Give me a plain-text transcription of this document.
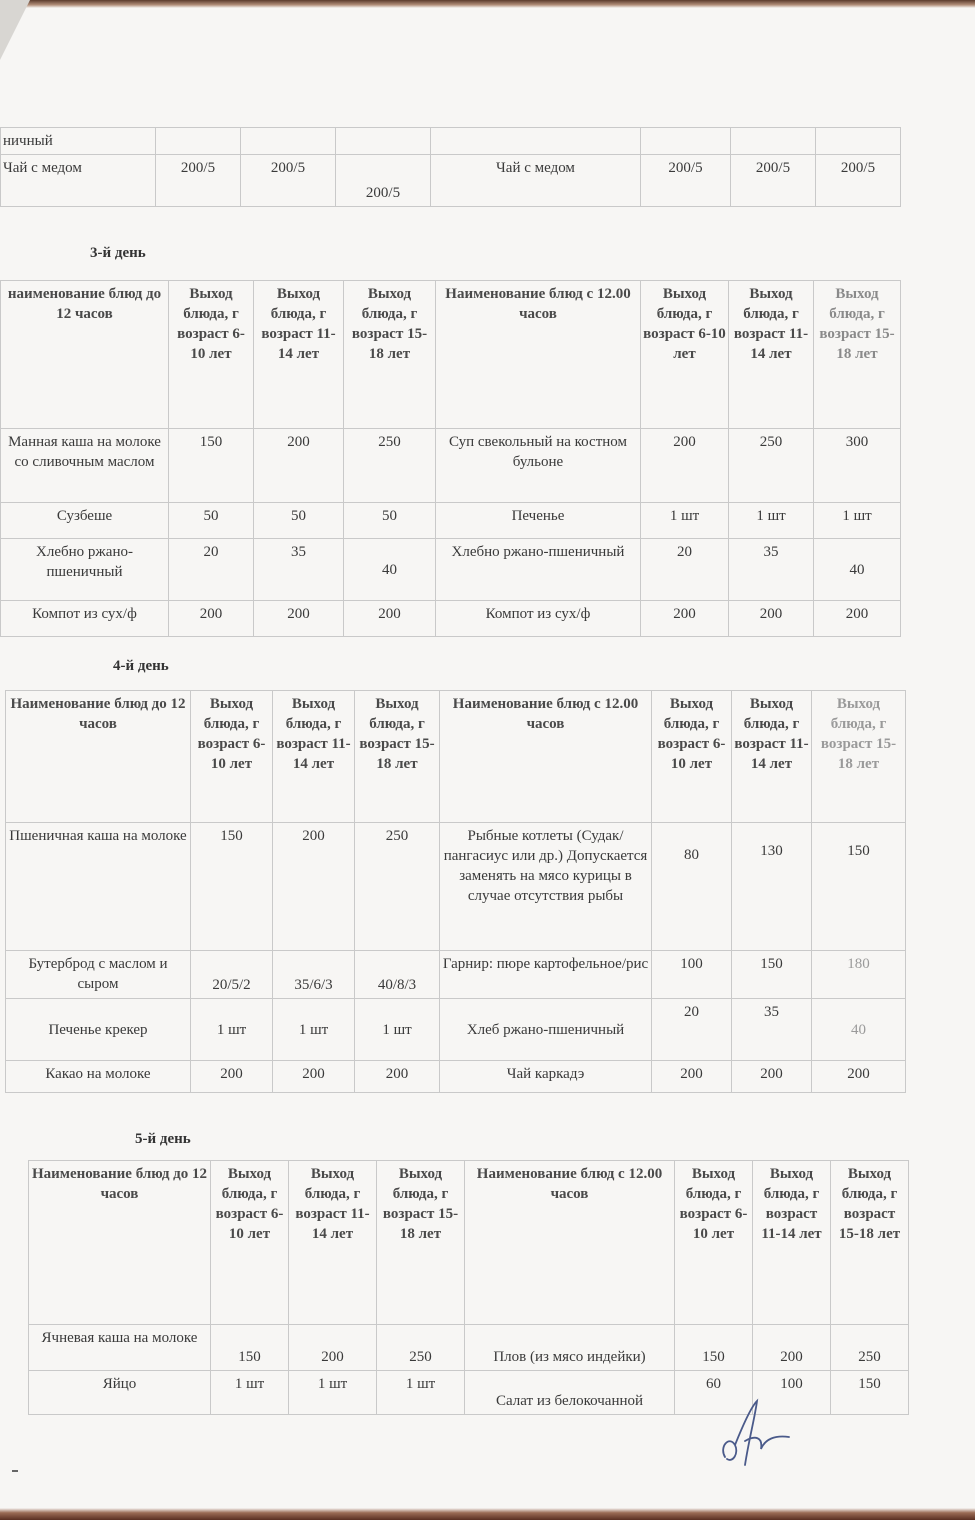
ничный							
Чай с медом	200/5	200/5	200/5	Чай с медом	200/5	200/5	200/5
3-й день
наименование блюд до 12 часов	Выход блюда, г возраст 6-10 лет	Выход блюда, г возраст 11-14 лет	Выход блюда, г возраст 15-18 лет	Наименование блюд с 12.00 часов	Выход блюда, г возраст 6-10 лет	Выход блюда, г возраст 11-14 лет	Выход блюда, г возраст 15-18 лет
Манная каша на молоке со сливочным маслом	150	200	250	Суп свекольный на костном бульоне	200	250	300
Сузбеше	50	50	50	Печенье	1 шт	1 шт	1 шт
Хлебно ржано-пшеничный	20	35	40	Хлебно ржано-пшеничный	20	35	40
Компот из сух/ф	200	200	200	Компот из сух/ф	200	200	200
4-й день
Наименование блюд до 12 часов	Выход блюда, г возраст 6-10 лет	Выход блюда, г возраст 11-14 лет	Выход блюда, г возраст 15-18 лет	Наименование блюд с 12.00 часов	Выход блюда, г возраст 6-10 лет	Выход блюда, г возраст 11-14 лет	Выход блюда, г возраст 15-18 лет
Пшеничная каша на молоке	150	200	250	Рыбные котлеты (Судак/пангасиус или др.) Допускается заменять на мясо курицы в случае отсутствия рыбы	80	130	150
Бутерброд с маслом и сыром	20/5/2	35/6/3	40/8/3	Гарнир: пюре картофельное/рис	100	150	180
Печенье крекер	1 шт	1 шт	1 шт	Хлеб ржано-пшеничный	20	35	40
Какао на молоке	200	200	200	Чай каркадэ	200	200	200
5-й день
Наименование блюд до 12 часов	Выход блюда, г возраст 6-10 лет	Выход блюда, г возраст 11-14 лет	Выход блюда, г возраст 15-18 лет	Наименование блюд с 12.00 часов	Выход блюда, г возраст 6-10 лет	Выход блюда, г возраст 11-14 лет	Выход блюда, г возраст 15-18 лет
Ячневая каша на молоке	150	200	250	Плов (из мясо индейки)	150	200	250
Яйцо	1 шт	1 шт	1 шт	Салат из белокочанной	60	100	150
